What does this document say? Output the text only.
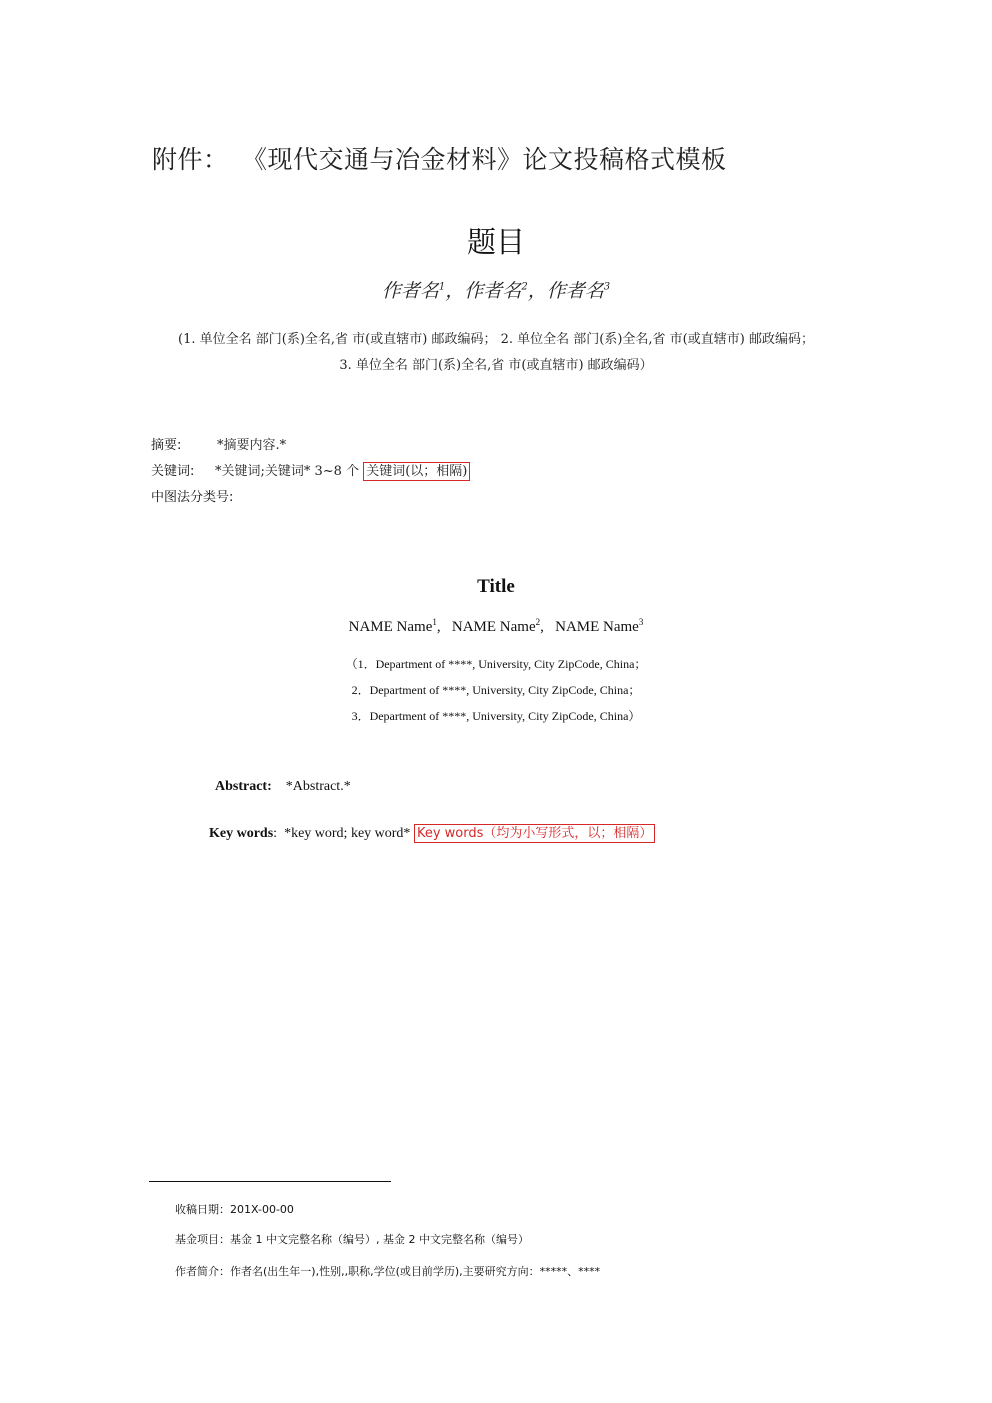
附件： 《现代交通与冶金材料》论文投稿格式模板
题目
作者名$^1$，作者名$^2$，作者名$^3$
(1. 单位全名 部门(系)全名,省 市(或直辖市) 邮政编码； 2. 单位全名 部门(系)全名,省 市(或直辖市) 邮政编码；
3. 单位全名 部门(系)全名,省 市(或直辖市) 邮政编码）
摘要:	*摘要内容.*
关键词: *关键词;关键词* 3~8 个 关键词(以；相隔)
中图法分类号:
Title
NAME Name$^1$,   NAME Name$^2$,   NAME Name$^3$
（1．Department of ****, University, City ZipCode, China；
2．Department of ****, University, City ZipCode, China；
3．Department of ****, University, City ZipCode, China）
Abstract: *Abstract.*
Key words:  *key word; key word* Key words（均为小写形式，以；相隔）
收稿日期：201X-00-00
基金项目：基金 1 中文完整名称（编号）, 基金 2 中文完整名称（编号）
作者简介：作者名(出生年一),性别,,职称,学位(或目前学历),主要研究方向：*****、****
